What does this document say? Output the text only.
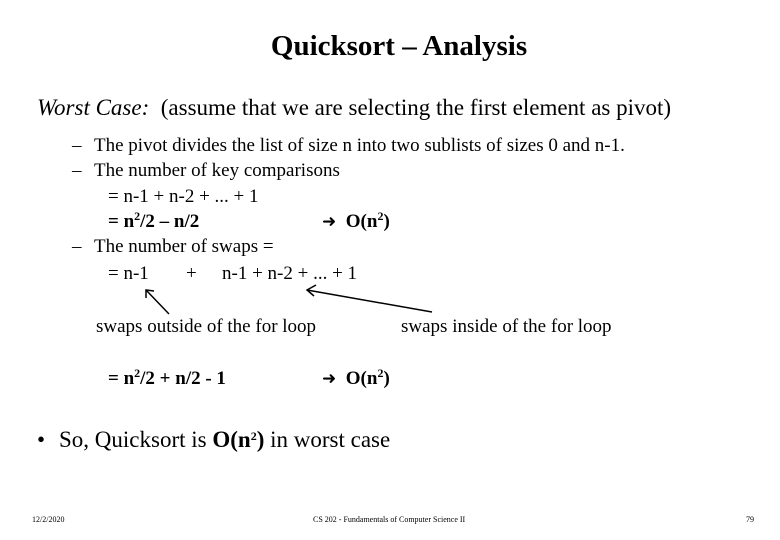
Quicksort – Analysis
Worst Case: (assume that we are selecting the first element as pivot)
– The pivot divides the list of size n into two sublists of sizes 0 and n-1.
– The number of key comparisons
= n-1 + n-2 + ... + 1
= $n^2/2 - n/2$	➜ $O(n^2)$
– The number of swaps =
= n-1 + n-1 + n-2 + ... + 1
swaps outside of the for loop	swaps inside of the for loop
= $n^2/2 + n/2 - 1$	➜ $O(n^2)$
• So, Quicksort is $O(n^2)$ in worst case
12/2/2020	CS 202 - Fundamentals of Computer Science II	79
